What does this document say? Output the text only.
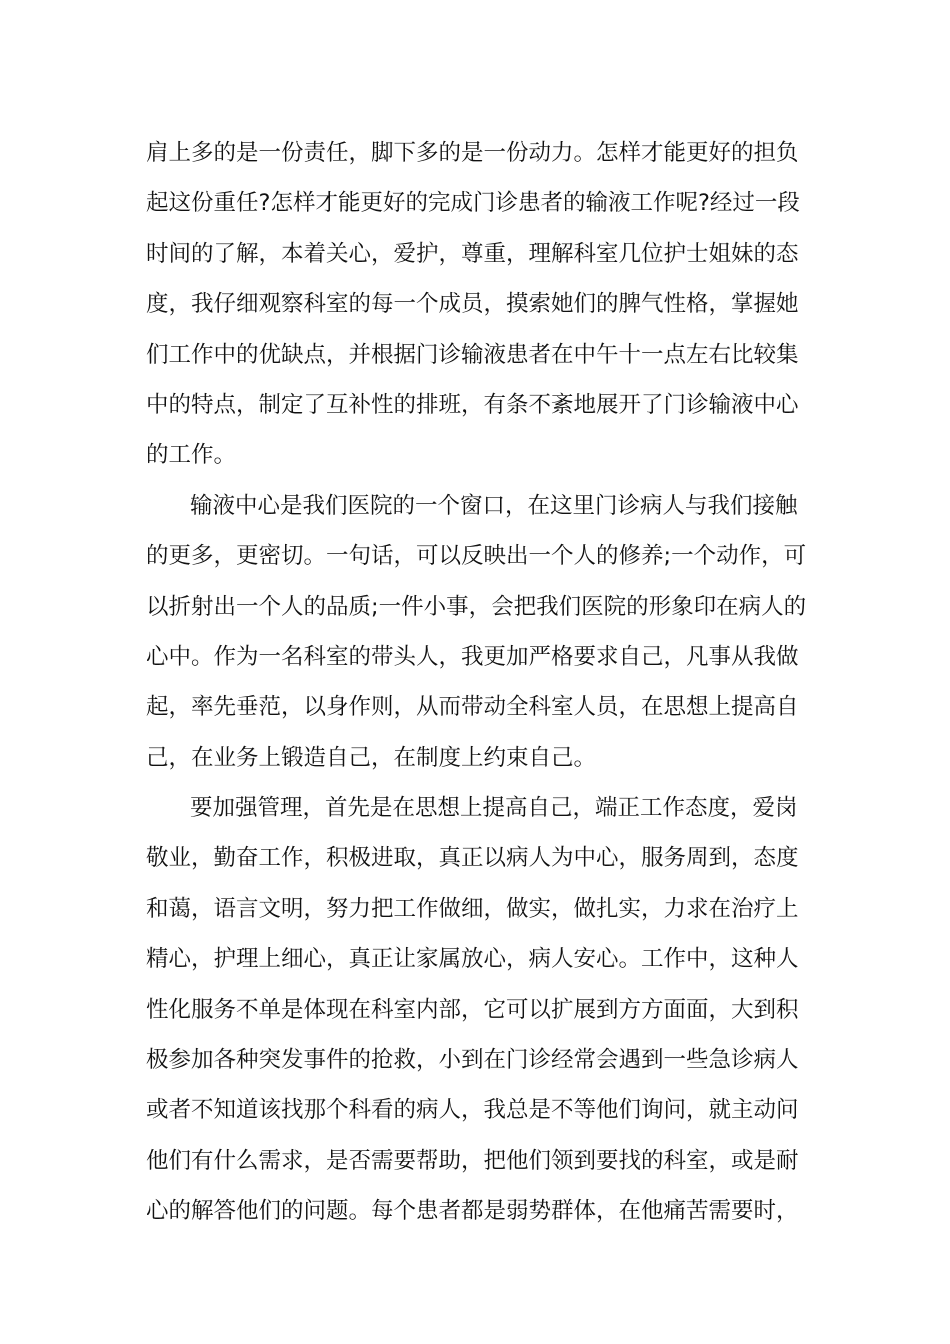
肩上多的是一份责任，脚下多的是一份动力。怎样才能更好的担负
起这份重任?怎样才能更好的完成门诊患者的输液工作呢?经过一段
时间的了解，本着关心，爱护，尊重，理解科室几位护士姐妹的态
度，我仔细观察科室的每一个成员，摸索她们的脾气性格，掌握她
们工作中的优缺点，并根据门诊输液患者在中午十一点左右比较集
中的特点，制定了互补性的排班，有条不紊地展开了门诊输液中心
的工作。
输液中心是我们医院的一个窗口，在这里门诊病人与我们接触
的更多，更密切。一句话，可以反映出一个人的修养;一个动作，可
以折射出一个人的品质;一件小事，会把我们医院的形象印在病人的
心中。作为一名科室的带头人，我更加严格要求自己，凡事从我做
起，率先垂范，以身作则，从而带动全科室人员，在思想上提高自
己，在业务上锻造自己，在制度上约束自己。
要加强管理，首先是在思想上提高自己，端正工作态度，爱岗
敬业，勤奋工作，积极进取，真正以病人为中心，服务周到，态度
和蔼，语言文明，努力把工作做细，做实，做扎实，力求在治疗上
精心，护理上细心，真正让家属放心，病人安心。工作中，这种人
性化服务不单是体现在科室内部，它可以扩展到方方面面，大到积
极参加各种突发事件的抢救，小到在门诊经常会遇到一些急诊病人
或者不知道该找那个科看的病人，我总是不等他们询问，就主动问
他们有什么需求，是否需要帮助，把他们领到要找的科室，或是耐
心的解答他们的问题。每个患者都是弱势群体，在他痛苦需要时，
